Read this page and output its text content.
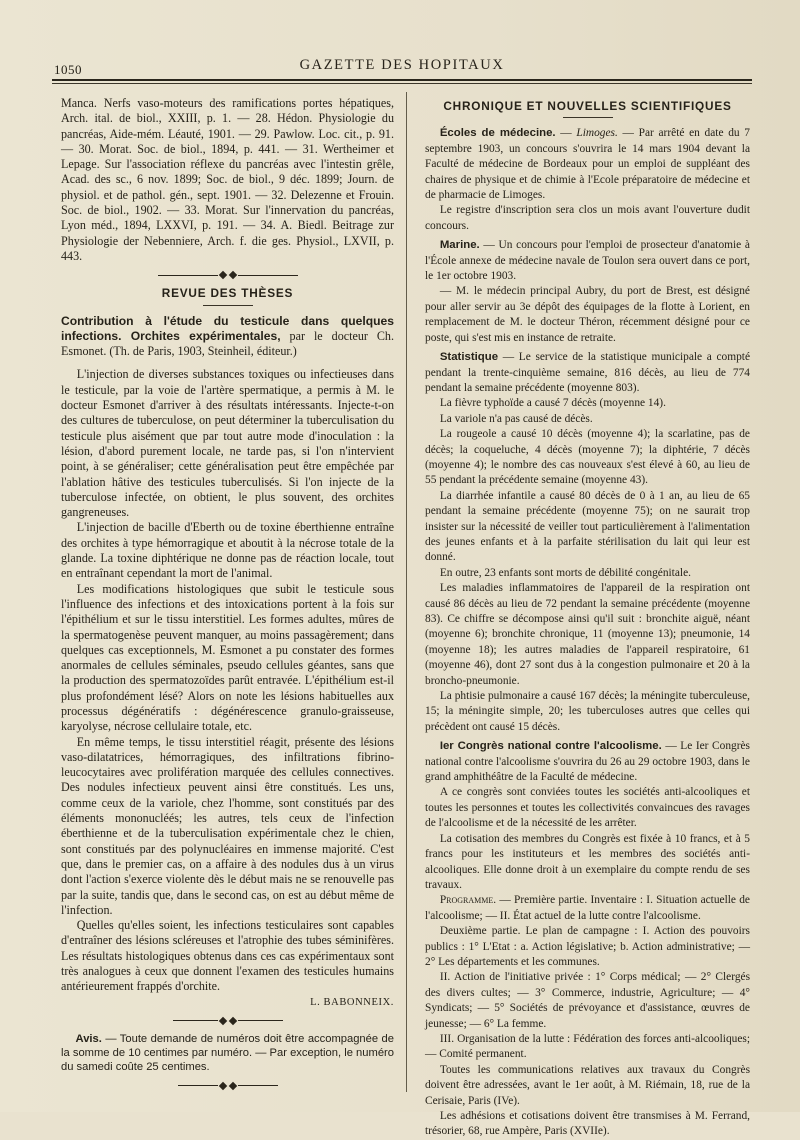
1050	GAZETTE DES HOPITAUX

Manca. Nerfs vaso-moteurs des ramifications portes hépatiques, Arch. ital. de biol., XXIII, p. 1. — 28. Hédon. Physiologie du pancréas, Aide-mém. Léauté, 1901. — 29. Pawlow. Loc. cit., p. 91. — 30. Morat. Soc. de biol., 1894, p. 441. — 31. Wertheimer et Lepage. Sur l'association réflexe du pancréas avec l'intestin grêle, Acad. des sc., 6 nov. 1899; Soc. de biol., 9 déc. 1899; Journ. de physiol. et de pathol. gén., sept. 1901. — 32. Delezenne et Frouin. Soc. de biol., 1902. — 33. Morat. Sur l'innervation du pancréas, Lyon méd., 1894, LXXVI, p. 191. — 34. A. Biedl. Beitrage zur Physiologie der Nebenniere, Arch. f. die ges. Physiol., LXVII, p. 443.

REVUE DES THÈSES

Contribution à l'étude du testicule dans quelques infections. Orchites expérimentales, par le docteur Ch. Esmonet. (Th. de Paris, 1903, Steinheil, éditeur.)

L'injection de diverses substances toxiques ou infectieuses dans le testicule, par la voie de l'artère spermatique, a permis à M. le docteur Esmonet d'arriver à des résultats intéressants. Injecte-t-on des cultures de tuberculose, on peut déterminer la tuberculisation du testicule plus aisément que par tout autre mode d'inoculation : la lésion, d'abord purement locale, ne tarde pas, si l'on n'intervient point, à se généraliser; cette généralisation peut être empêchée par l'ablation hâtive des testicules tuberculisés. Si l'on injecte de la tuberculose infectée, on obtient, le plus souvent, des orchites gangreneuses.

L'injection de bacille d'Eberth ou de toxine éberthienne entraîne des orchites à type hémorragique et aboutit à la nécrose totale de la glande. La toxine diphtérique ne donne pas de réaction locale, tout en entraînant cependant la mort de l'animal.

Les modifications histologiques que subit le testicule sous l'influence des infections et des intoxications portent à la fois sur l'épithélium et sur le tissu interstitiel. Les formes adultes, mûres de la spermatogenèse peuvent manquer, au moins passagèrement; dans quelques cas exceptionnels, M. Esmonet a pu constater des formes anormales de cellules séminales, pseudo cellules géantes, sans que la production des spermatozoïdes parût entravée. L'épithélium est-il plus profondément lésé? Alors on note les lésions habituelles aux processus dégénératifs : dégénérescence granulo-graisseuse, karyolyse, nécrose cellulaire totale, etc.

En même temps, le tissu interstitiel réagit, présente des lésions vaso-dilatatrices, hémorragiques, des infiltrations fibrino-leucocytaires avec prolifération marquée des cellules connectives. Des nodules infectieux peuvent ainsi être constitués. Les uns, comme ceux de la variole, chez l'homme, sont constitués par des éléments mononucléés; les autres, tels ceux de l'infection éberthienne et de la tuberculisation expérimentale chez le chien, sont constitués par des polynucléaires en immense majorité. C'est que, dans le premier cas, on a affaire à des nodules dus à un virus dont l'action s'exerce violente dès le début mais ne se renouvelle pas par la suite, tandis que, dans le second cas, on est au début même de l'infection.

Quelles qu'elles soient, les infections testiculaires sont capables d'entraîner des lésions scléreuses et l'atrophie des tubes séminifères. Les résultats histologiques obtenus dans ces cas expérimentaux sont très analogues à ceux que donnent l'examen des testicules humains antérieurement frappés d'orchite.

L. BABONNEIX.

Avis. — Toute demande de numéros doit être accompagnée de la somme de 10 centimes par numéro. — Par exception, le numéro du samedi coûte 25 centimes.

CHRONIQUE ET NOUVELLES SCIENTIFIQUES

Écoles de médecine. — Limoges. — Par arrêté en date du 7 septembre 1903, un concours s'ouvrira le 14 mars 1904 devant la Faculté de médecine de Bordeaux pour un emploi de suppléant des chaires de physique et de chimie à l'Ecole préparatoire de médecine et de pharmacie de Limoges.

Le registre d'inscription sera clos un mois avant l'ouverture dudit concours.

Marine. — Un concours pour l'emploi de prosecteur d'anatomie à l'École annexe de médecine navale de Toulon sera ouvert dans ce port, le 1er octobre 1903.

— M. le médecin principal Aubry, du port de Brest, est désigné pour aller servir au 3e dépôt des équipages de la flotte à Lorient, en remplacement de M. le docteur Théron, récemment désigné pour ce poste, qui s'est mis en instance de retraite.

Statistique — Le service de la statistique municipale a compté pendant la trente-cinquième semaine, 816 décès, au lieu de 774 pendant la semaine précédente (moyenne 803).

La fièvre typhoïde a causé 7 décès (moyenne 14).

La variole n'a pas causé de décès.

La rougeole a causé 10 décès (moyenne 4); la scarlatine, pas de décès; la coqueluche, 4 décès (moyenne 7); la diphtérie, 7 décès (moyenne 4); le nombre des cas nouveaux s'est élevé à 60, au lieu de 55 pendant la précédente semaine (moyenne 43).

La diarrhée infantile a causé 80 décès de 0 à 1 an, au lieu de 65 pendant la semaine précédente (moyenne 75); on ne saurait trop insister sur la nécessité de veiller tout particulièrement à l'alimentation des jeunes enfants et à la parfaite stérilisation du lait qui leur est donné.

En outre, 23 enfants sont morts de débilité congénitale.

Les maladies inflammatoires de l'appareil de la respiration ont causé 86 décès au lieu de 72 pendant la semaine précédente (moyenne 83). Ce chiffre se décompose ainsi qu'il suit : bronchite aiguë, néant (moyenne 6); bronchite chronique, 11 (moyenne 13); pneumonie, 14 (moyenne 18); les autres maladies de l'appareil respiratoire, 61 (moyenne 46), dont 27 sont dus à la congestion pulmonaire et 20 à la broncho-pneumonie.

La phtisie pulmonaire a causé 167 décès; la méningite tuberculeuse, 15; la méningite simple, 20; les tuberculoses autres que celles qui précèdent ont causé 15 décès.

Ier Congrès national contre l'alcoolisme. — Le Ier Congrès national contre l'alcoolisme s'ouvrira du 26 au 29 octobre 1903, dans le grand amphithéâtre de la Faculté de médecine.

A ce congrès sont conviées toutes les sociétés anti-alcooliques et toutes les personnes et toutes les collectivités convaincues des ravages de l'alcoolisme et de la nécessité de les arrêter.

La cotisation des membres du Congrès est fixée à 10 francs, et à 5 francs pour les instituteurs et les membres des sociétés anti-alcooliques. Elle donne droit à un exemplaire du compte rendu de ses travaux.

Programme. — Première partie. Inventaire : I. Situation actuelle de l'alcoolisme; — II. État actuel de la lutte contre l'alcoolisme.

Deuxième partie. Le plan de campagne : I. Action des pouvoirs publics : 1° L'Etat : a. Action législative; b. Action administrative; — 2° Les départements et les communes.

II. Action de l'initiative privée : 1° Corps médical; — 2° Clergés des divers cultes; — 3° Commerce, industrie, Agriculture; — 4° Syndicats; — 5° Sociétés de prévoyance et d'assistance, œuvres de jeunesse; — 6° La femme.

III. Organisation de la lutte : Fédération des forces anti-alcooliques; — Comité permanent.

Toutes les communications relatives aux travaux du Congrès doivent être adressées, avant le 1er août, à M. Riémain, 18, rue de la Cerisaie, Paris (IVe).

Les adhésions et cotisations doivent être transmises à M. Ferrand, trésorier, 68, rue Ampère, Paris (XVIIe).
